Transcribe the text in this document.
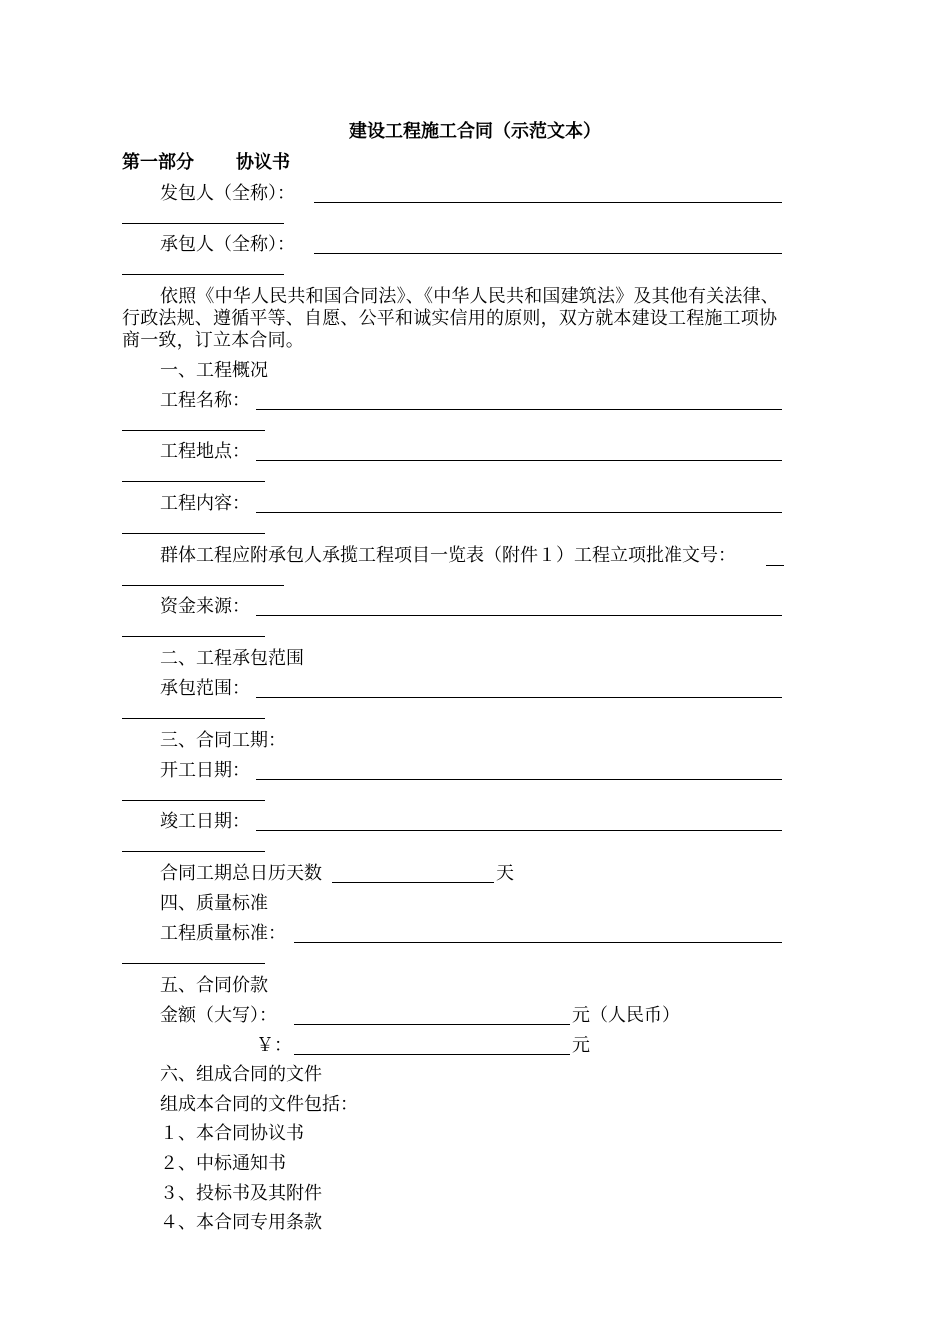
建设工程施工合同（示范文本）
第一部分 协议书
发包人（全称）：
承包人（全称）：
依照《中华人民共和国合同法》、《中华人民共和国建筑法》及其他有关法律、行政法规、遵循平等、自愿、公平和诚实信用的原则，双方就本建设工程施工项协商一致，订立本合同。
一、工程概况
工程名称：
工程地点：
工程内容：
群体工程应附承包人承揽工程项目一览表（附件１）工程立项批准文号：
资金来源：
二、工程承包范围
承包范围：
三、合同工期：
开工日期：
竣工日期：
合同工期总日历天数	天
四、质量标准
工程质量标准：
五、合同价款
金额（大写）：	元（人民币）
￥：	元
六、组成合同的文件
组成本合同的文件包括：
１、本合同协议书
２、中标通知书
３、投标书及其附件
４、本合同专用条款
